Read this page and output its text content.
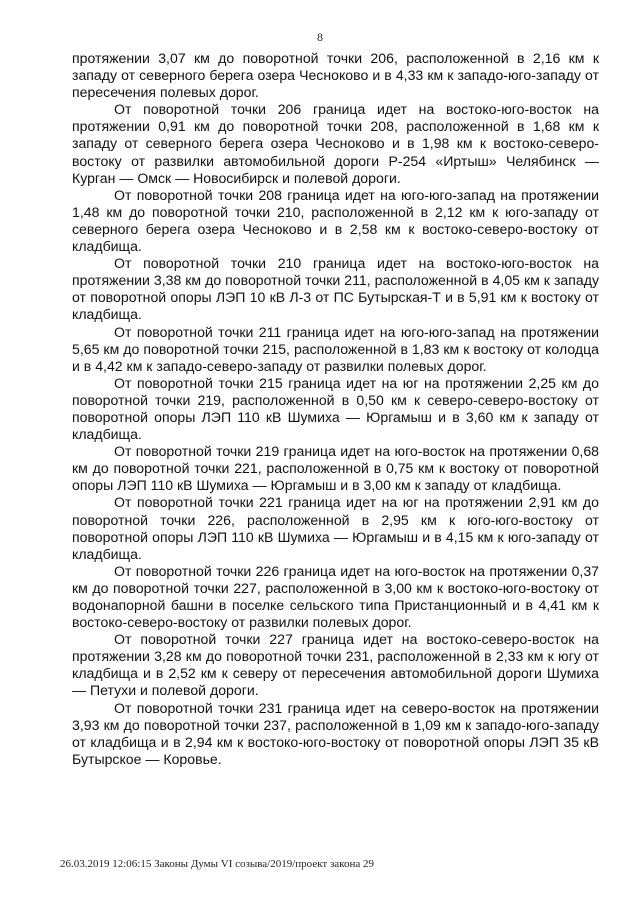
8

протяжении 3,07 км до поворотной точки 206, расположенной в 2,16 км к западу от северного берега озера Чесноково и в 4,33 км к западо-юго-западу от пересечения полевых дорог.

От поворотной точки 206 граница идет на востоко-юго-восток на протяжении 0,91 км до поворотной точки 208, расположенной в 1,68 км к западу от северного берега озера Чесноково и в 1,98 км к востоко-северо-востоку от развилки автомобильной дороги Р-254 «Иртыш» Челябинск — Курган — Омск — Новосибирск и полевой дороги.

От поворотной точки 208 граница идет на юго-юго-запад на протяжении 1,48 км до поворотной точки 210, расположенной в 2,12 км к юго-западу от северного берега озера Чесноково и в 2,58 км к востоко-северо-востоку от кладбища.

От поворотной точки 210 граница идет на востоко-юго-восток на протяжении 3,38 км до поворотной точки 211, расположенной в 4,05 км к западу от поворотной опоры ЛЭП 10 кВ Л-3 от ПС Бутырская-Т и в 5,91 км к востоку от кладбища.

От поворотной точки 211 граница идет на юго-юго-запад на протяжении 5,65 км до поворотной точки 215, расположенной в 1,83 км к востоку от колодца и в 4,42 км к западо-северо-западу от развилки полевых дорог.

От поворотной точки 215 граница идет на юг на протяжении 2,25 км до поворотной точки 219, расположенной в 0,50 км к северо-северо-востоку от поворотной опоры ЛЭП 110 кВ Шумиха — Юргамыш и в 3,60 км к западу от кладбища.

От поворотной точки 219 граница идет на юго-восток на протяжении 0,68 км до поворотной точки 221, расположенной в 0,75 км к востоку от поворотной опоры ЛЭП 110 кВ Шумиха — Юргамыш и в 3,00 км к западу от кладбища.

От поворотной точки 221 граница идет на юг на протяжении 2,91 км до поворотной точки 226, расположенной в 2,95 км к юго-юго-востоку от поворотной опоры ЛЭП 110 кВ Шумиха — Юргамыш и в 4,15 км к юго-западу от кладбища.

От поворотной точки 226 граница идет на юго-восток на протяжении 0,37 км до поворотной точки 227, расположенной в 3,00 км к востоко-юго-востоку от водонапорной башни в поселке сельского типа Пристанционный и в 4,41 км к востоко-северо-востоку от развилки полевых дорог.

От поворотной точки 227 граница идет на востоко-северо-восток на протяжении 3,28 км до поворотной точки 231, расположенной в 2,33 км к югу от кладбища и в 2,52 км к северу от пересечения автомобильной дороги Шумиха — Петухи и полевой дороги.

От поворотной точки 231 граница идет на северо-восток на протяжении 3,93 км до поворотной точки 237, расположенной в 1,09 км к западо-юго-западу от кладбища и в 2,94 км к востоко-юго-востоку от поворотной опоры ЛЭП 35 кВ Бутырское — Коровье.

26.03.2019 12:06:15 Законы Думы VI созыва/2019/проект закона 29
